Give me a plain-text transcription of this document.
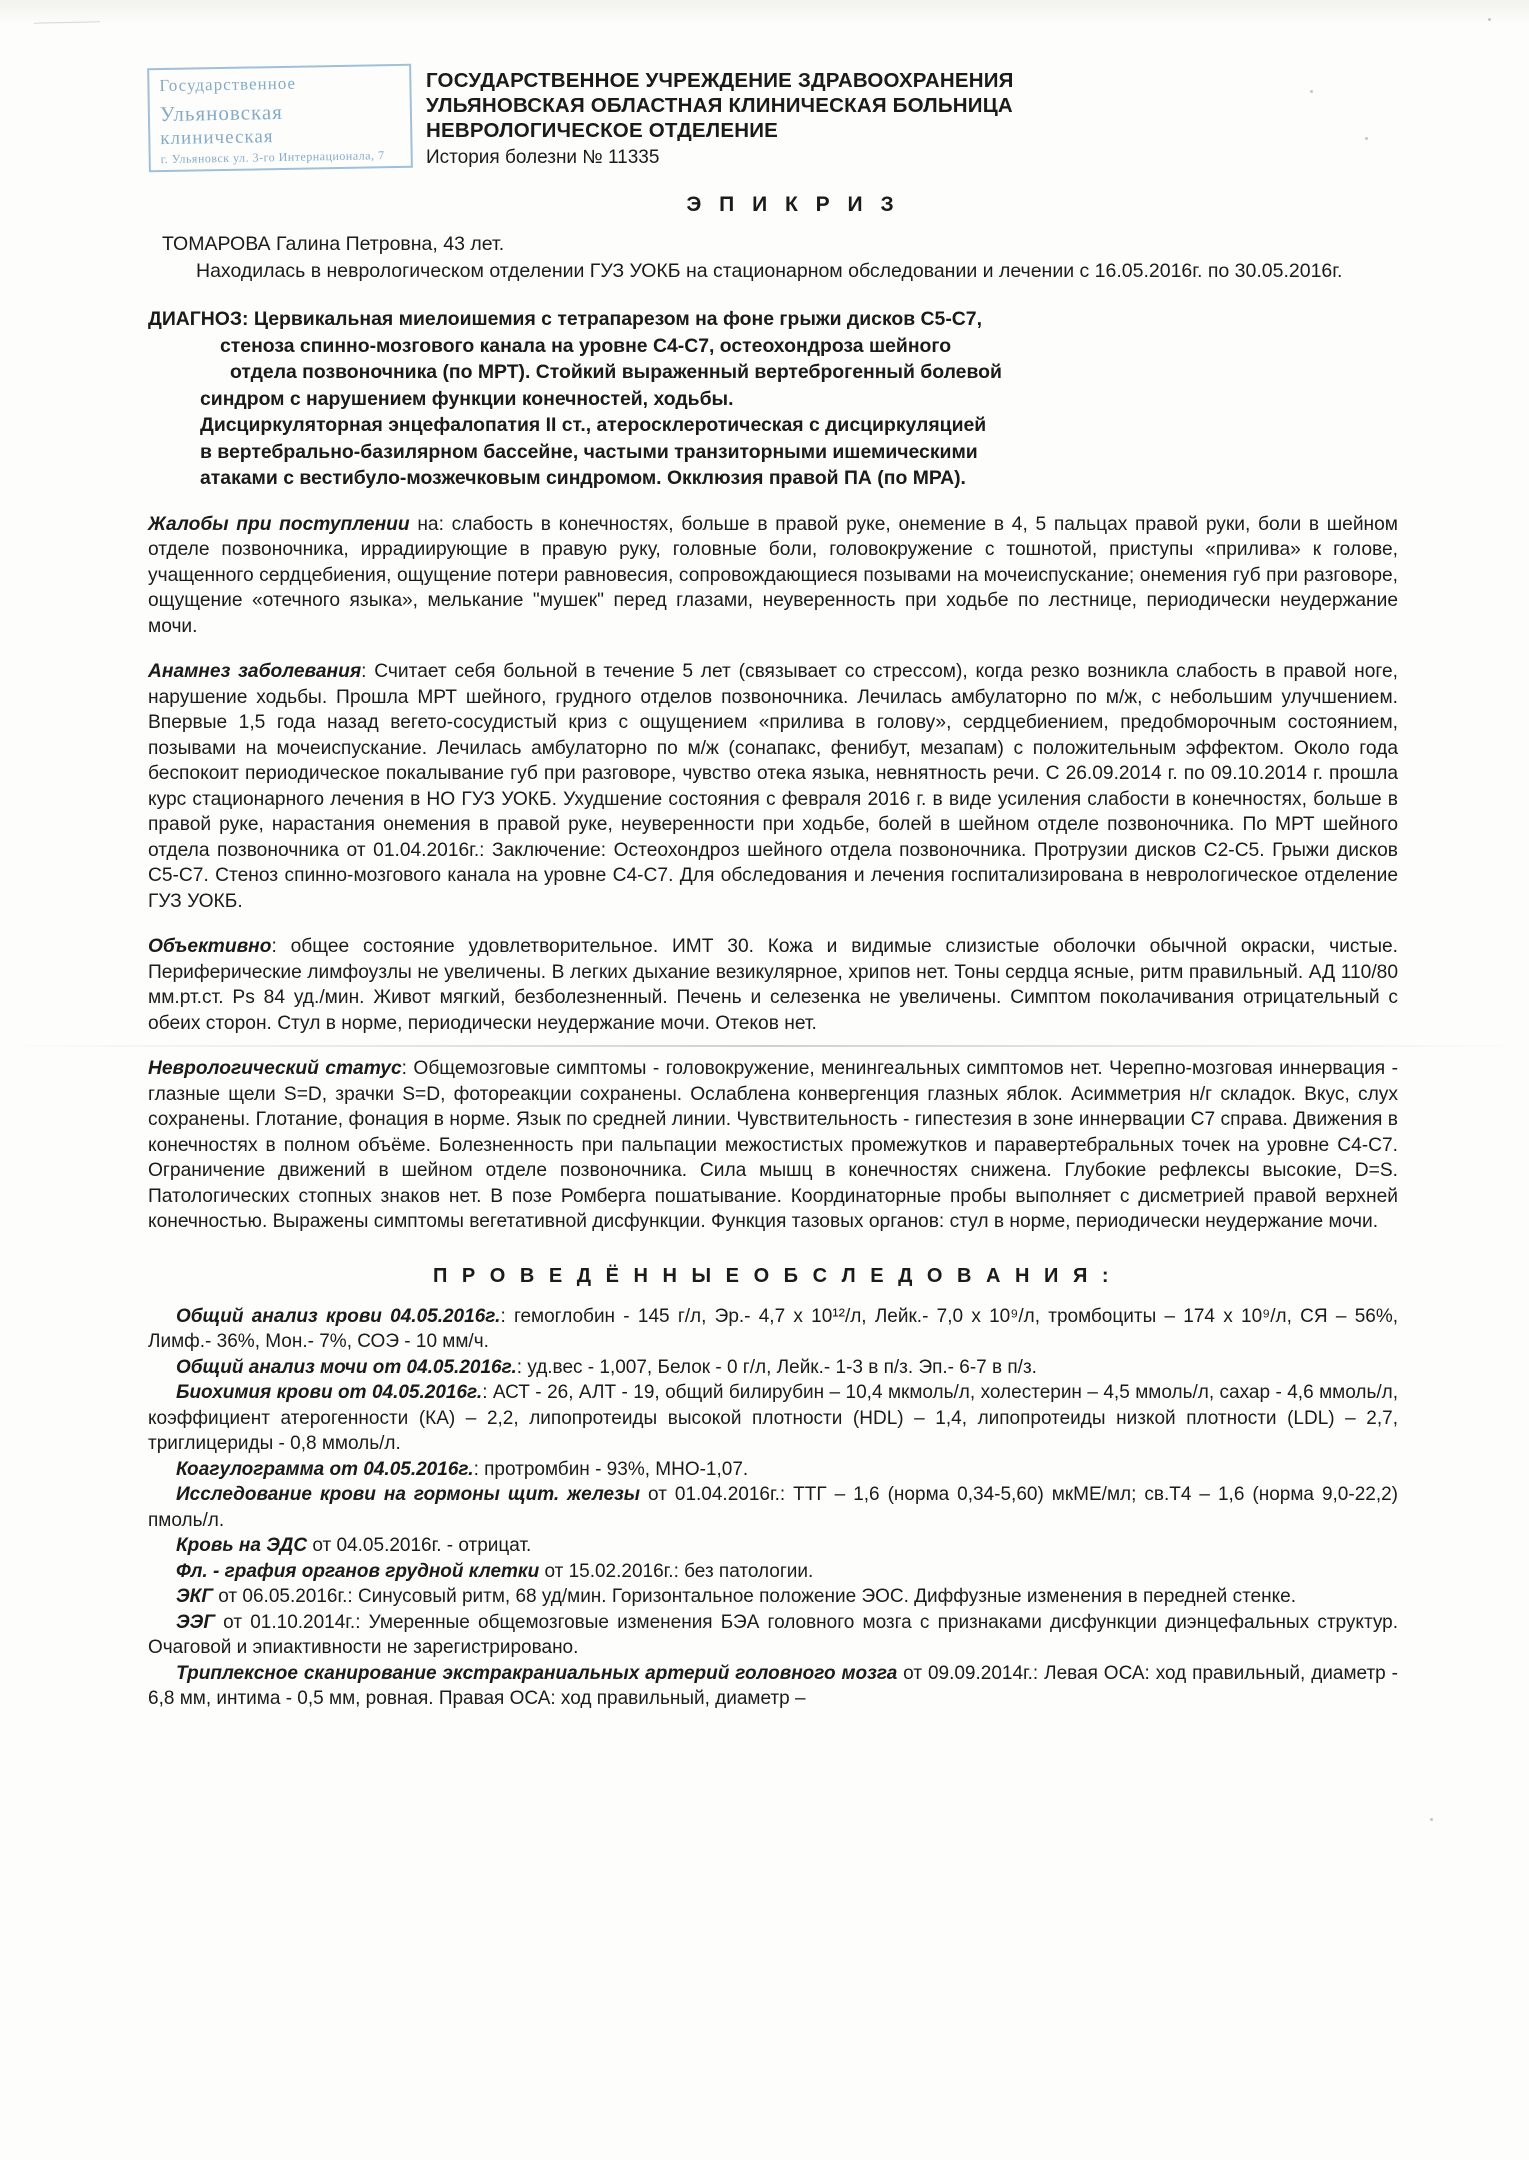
Государственное
Ульяновская
клиническая
г. Ульяновск ул. 3-го Интернационала, 7
ГОСУДАРСТВЕННОЕ УЧРЕЖДЕНИЕ ЗДРАВООХРАНЕНИЯ
УЛЬЯНОВСКАЯ ОБЛАСТНАЯ КЛИНИЧЕСКАЯ БОЛЬНИЦА
НЕВРОЛОГИЧЕСКОЕ ОТДЕЛЕНИЕ
История болезни № 11335
Э П И К Р И З
ТОМАРОВА Галина Петровна, 43 лет.

Находилась в неврологическом отделении ГУЗ УОКБ на стационарном обследовании и лечении с 16.05.2016г. по 30.05.2016г.

ДИАГНОЗ: Цервикальная миелоишемия с тетрапарезом на фоне грыжи дисков С5-С7,
стеноза спинно-мозгового канала на уровне С4-С7, остеохондроза шейного
отдела позвоночника (по МРТ). Стойкий выраженный вертеброгенный болевой
синдром с нарушением функции конечностей, ходьбы.
Дисциркуляторная энцефалопатия II ст., атеросклеротическая с дисциркуляцией
в вертебрально-базилярном бассейне, частыми транзиторными ишемическими
атаками с вестибуло-мозжечковым синдромом. Окклюзия правой ПА (по МРА).

Жалобы при поступлении на: слабость в конечностях, больше в правой руке, онемение в 4, 5 пальцах правой руки, боли в шейном отделе позвоночника, иррадиирующие в правую руку, головные боли, головокружение с тошнотой, приступы «прилива» к голове, учащенного сердцебиения, ощущение потери равновесия, сопровождающиеся позывами на мочеиспускание; онемения губ при разговоре, ощущение «отечного языка», мелькание "мушек" перед глазами, неуверенность при ходьбе по лестнице, периодически неудержание мочи.

Анамнез заболевания: Считает себя больной в течение 5 лет (связывает со стрессом), когда резко возникла слабость в правой ноге, нарушение ходьбы. Прошла МРТ шейного, грудного отделов позвоночника. Лечилась амбулаторно по м/ж, с небольшим улучшением. Впервые 1,5 года назад вегето-сосудистый криз с ощущением «прилива в голову», сердцебиением, предобморочным состоянием, позывами на мочеиспускание. Лечилась амбулаторно по м/ж (сонапакс, фенибут, мезапам) с положительным эффектом. Около года беспокоит периодическое покалывание губ при разговоре, чувство отека языка, невнятность речи. С 26.09.2014 г. по 09.10.2014 г. прошла курс стационарного лечения в НО ГУЗ УОКБ. Ухудшение состояния с февраля 2016 г. в виде усиления слабости в конечностях, больше в правой руке, нарастания онемения в правой руке, неуверенности при ходьбе, болей в шейном отделе позвоночника. По МРТ шейного отдела позвоночника от 01.04.2016г.: Заключение: Остеохондроз шейного отдела позвоночника. Протрузии дисков С2-С5. Грыжи дисков С5-С7. Стеноз спинно-мозгового канала на уровне С4-С7. Для обследования и лечения госпитализирована в неврологическое отделение ГУЗ УОКБ.

Объективно: общее состояние удовлетворительное. ИМТ 30. Кожа и видимые слизистые оболочки обычной окраски, чистые. Периферические лимфоузлы не увеличены. В легких дыхание везикулярное, хрипов нет. Тоны сердца ясные, ритм правильный. АД 110/80 мм.рт.ст. Ps 84 уд./мин. Живот мягкий, безболезненный. Печень и селезенка не увеличены. Симптом поколачивания отрицательный с обеих сторон. Стул в норме, периодически неудержание мочи. Отеков нет.

Неврологический статус: Общемозговые симптомы - головокружение, менингеальных симптомов нет. Черепно-мозговая иннервация - глазные щели S=D, зрачки S=D, фотореакции сохранены. Ослаблена конвергенция глазных яблок. Асимметрия н/г складок. Вкус, слух сохранены. Глотание, фонация в норме. Язык по средней линии. Чувствительность - гипестезия в зоне иннервации С7 справа. Движения в конечностях в полном объёме. Болезненность при пальпации межостистых промежутков и паравертебральных точек на уровне С4-С7. Ограничение движений в шейном отделе позвоночника. Сила мышц в конечностях снижена. Глубокие рефлексы высокие, D=S. Патологических стопных знаков нет. В позе Ромберга пошатывание. Координаторные пробы выполняет с дисметрией правой верхней конечностью. Выражены симптомы вегетативной дисфункции. Функция тазовых органов: стул в норме, периодически неудержание мочи.

П Р О В Е Д Ё Н Н Ы Е О Б С Л Е Д О В А Н И Я :

Общий анализ крови 04.05.2016г.: гемоглобин - 145 г/л, Эр.- 4,7 х 10¹²/л, Лейк.- 7,0 х 10⁹/л, тромбоциты – 174 х 10⁹/л, СЯ – 56%, Лимф.- 36%, Мон.- 7%, СОЭ - 10 мм/ч.

Общий анализ мочи от 04.05.2016г.: уд.вес - 1,007, Белок - 0 г/л, Лейк.- 1-3 в п/з. Эп.- 6-7 в п/з.

Биохимия крови от 04.05.2016г.: АСТ - 26, АЛТ - 19, общий билирубин – 10,4 мкмоль/л, холестерин – 4,5 ммоль/л, сахар - 4,6 ммоль/л, коэффициент атерогенности (КА) – 2,2, липопротеиды высокой плотности (HDL) – 1,4, липопротеиды низкой плотности (LDL) – 2,7, триглицериды - 0,8 ммоль/л.

Коагулограмма от 04.05.2016г.: протромбин - 93%, МНО-1,07.

Исследование крови на гормоны щит. железы от 01.04.2016г.: ТТГ – 1,6 (норма 0,34-5,60) мкМЕ/мл; св.Т4 – 1,6 (норма 9,0-22,2) пмоль/л.

Кровь на ЭДС от 04.05.2016г. - отрицат.

Фл. - графия органов грудной клетки от 15.02.2016г.: без патологии.

ЭКГ от 06.05.2016г.: Синусовый ритм, 68 уд/мин. Горизонтальное положение ЭОС. Диффузные изменения в передней стенке.

ЭЭГ от 01.10.2014г.: Умеренные общемозговые изменения БЭА головного мозга с признаками дисфункции диэнцефальных структур. Очаговой и эпиактивности не зарегистрировано.

Триплексное сканирование экстракраниальных артерий головного мозга от 09.09.2014г.: Левая ОСА: ход правильный, диаметр - 6,8 мм, интима - 0,5 мм, ровная. Правая ОСА: ход правильный, диаметр –
